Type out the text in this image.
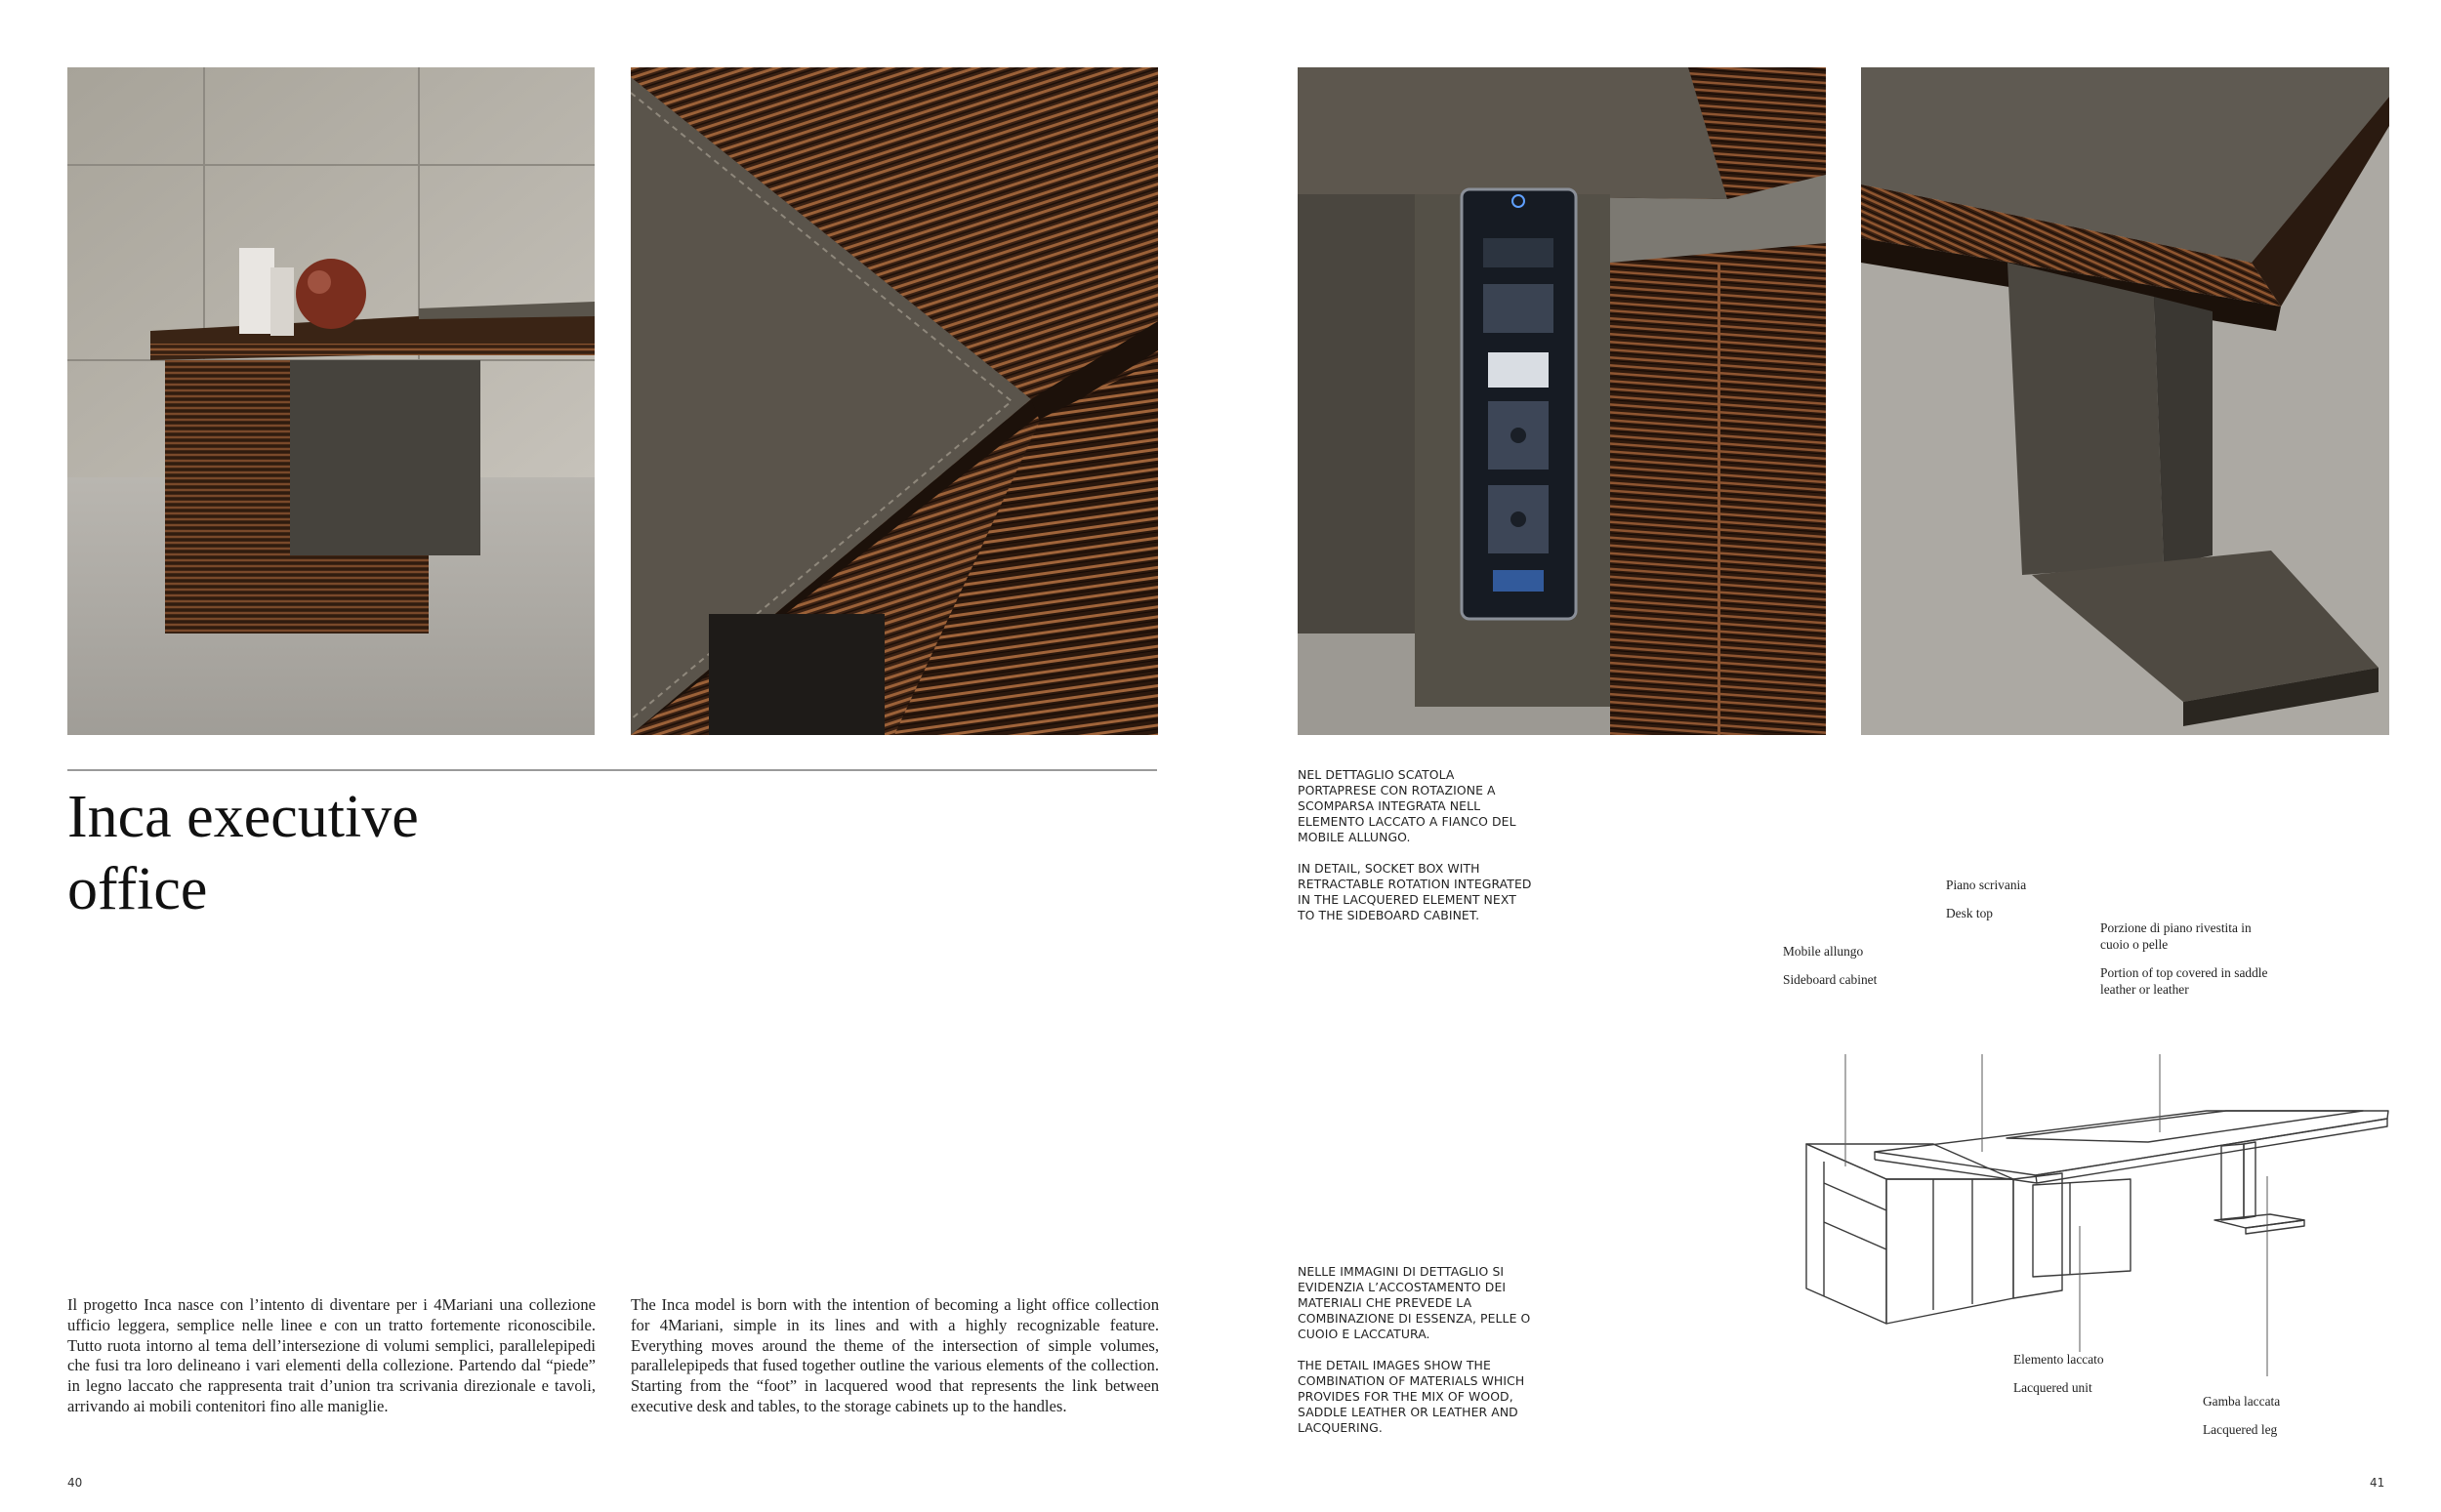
Inca executive
office

Il progetto Inca nasce con l’intento di diventare per i 4Mariani una collezione ufficio leggera, semplice nelle linee e con un tratto fortemente riconoscibile. Tutto ruota intorno al tema dell’intersezione di volumi semplici, parallelepipedi che fusi tra loro delineano i vari elementi della collezione. Partendo dal “piede” in legno laccato che rappresenta trait d’union tra scrivania direzionale e tavoli, arrivando ai mobili contenitori fino alle maniglie.

The Inca model is born with the intention of becoming a light office collection for 4Mariani, simple in its lines and with a highly recognizable feature. Everything moves around the theme of the intersection of simple volumes, parallelepipeds that fused together outline the various elements of the collection. Starting from the “foot” in lacquered wood that represents the link between executive desk and tables, to the storage cabinets up to the handles.

40	41

NEL DETTAGLIO SCATOLA PORTAPRESE CON ROTAZIONE A SCOMPARSA INTEGRATA NELL ELEMENTO LACCATO A FIANCO DEL MOBILE ALLUNGO.

IN DETAIL, SOCKET BOX WITH RETRACTABLE ROTATION INTEGRATED IN THE LACQUERED ELEMENT NEXT TO THE SIDEBOARD CABINET.

NELLE IMMAGINI DI DETTAGLIO SI EVIDENZIA L’ACCOSTAMENTO DEI MATERIALI CHE PREVEDE LA COMBINAZIONE DI ESSENZA, PELLE O CUOIO E LACCATURA.

THE DETAIL IMAGES SHOW THE COMBINATION OF MATERIALS WHICH PROVIDES FOR THE MIX OF WOOD, SADDLE LEATHER OR LEATHER AND LACQUERING.

Mobile allungo
Sideboard cabinet
Piano scrivania
Desk top
Porzione di piano rivestita in cuoio o pelle
Portion of top covered in saddle leather or leather
Elemento laccato
Lacquered unit
Gamba laccata
Lacquered leg
